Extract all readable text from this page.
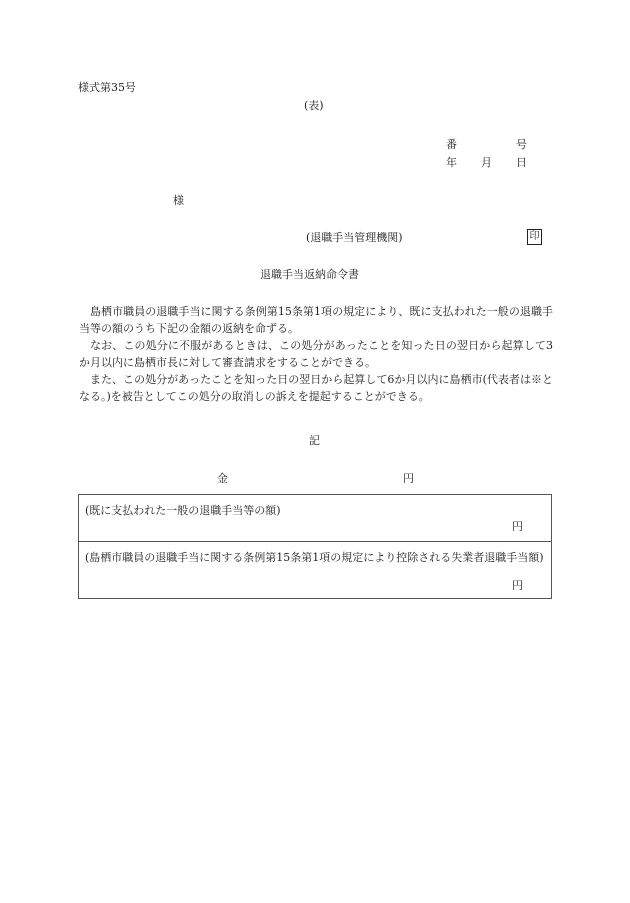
様式第35号
(表)
番	号
年 月 日
様
(退職手当管理機関)	印
退職手当返納命令書

島栖市職員の退職手当に関する条例第15条第1項の規定により、既に支払われた一般の退職手当等の額のうち下記の金額の返納を命ずる。

なお、この処分に不服があるときは、この処分があったことを知った日の翌日から起算して3か月以内に島栖市長に対して審査請求をすることができる。

また、この処分があったことを知った日の翌日から起算して6か月以内に島栖市(代表者は※となる。)を被告としてこの処分の取消しの訴えを提起することができる。

記
金	円
(既に支払われた一般の退職手当等の額)
円
(島栖市職員の退職手当に関する条例第15条第1項の規定により控除される失業者退職手当額)
円
